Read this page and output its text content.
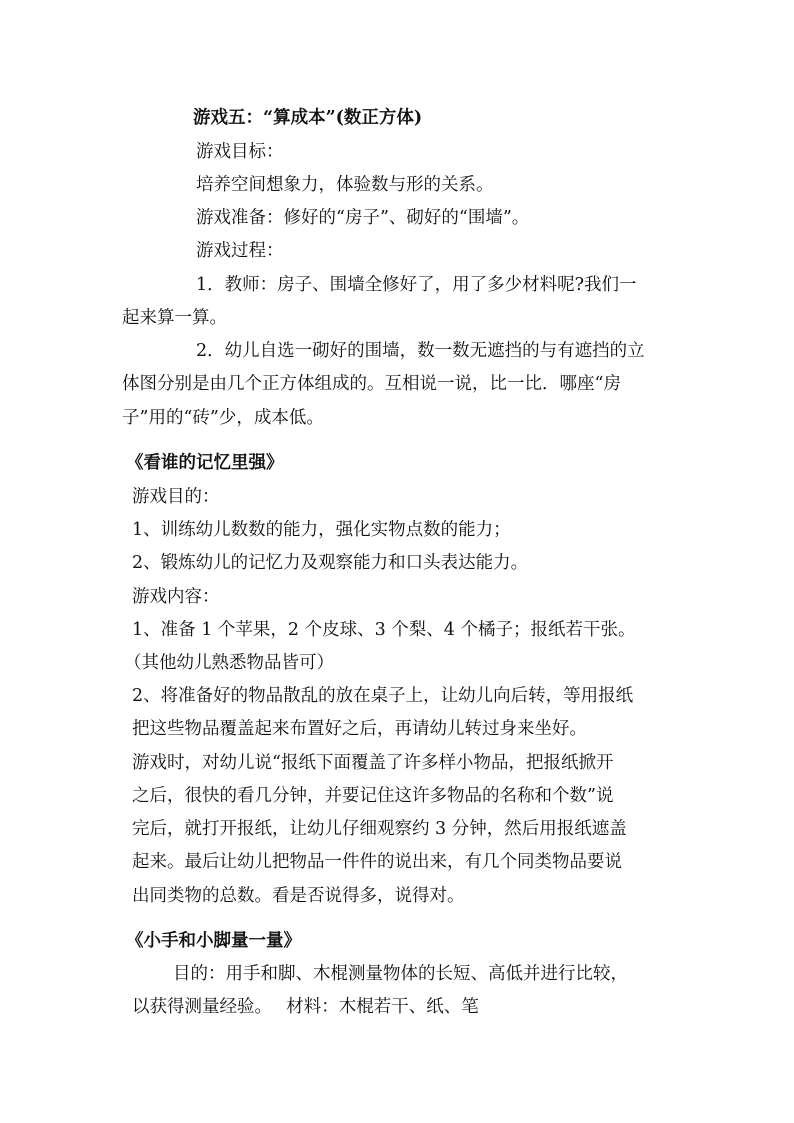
游戏五：“算成本”(数正方体)

游戏目标：

培养空间想象力，体验数与形的关系。

游戏准备：修好的“房子”、砌好的“围墙”。

游戏过程：

1．教师：房子、围墙全修好了，用了多少材料呢?我们一

起来算一算。

2．幼儿自选一砌好的围墙，数一数无遮挡的与有遮挡的立

体图分别是由几个正方体组成的。互相说一说，比一比．哪座“房

子”用的“砖”少，成本低。

《看谁的记忆里强》

游戏目的：

1、训练幼儿数数的能力，强化实物点数的能力；

2、锻炼幼儿的记忆力及观察能力和口头表达能力。

游戏内容：

1、准备 1 个苹果，2 个皮球、3 个梨、4 个橘子；报纸若干张。

（其他幼儿熟悉物品皆可）

2、将准备好的物品散乱的放在桌子上，让幼儿向后转，等用报纸

把这些物品覆盖起来布置好之后，再请幼儿转过身来坐好。

游戏时，对幼儿说“报纸下面覆盖了许多样小物品，把报纸掀开

之后，很快的看几分钟，并要记住这许多物品的名称和个数”说

完后，就打开报纸，让幼儿仔细观察约 3 分钟，然后用报纸遮盖

起来。最后让幼儿把物品一件件的说出来，有几个同类物品要说

出同类物的总数。看是否说得多，说得对。

《小手和小脚量一量》

目的：用手和脚、木棍测量物体的长短、高低并进行比较，

以获得测量经验。　 材料：木棍若干、纸、笔
